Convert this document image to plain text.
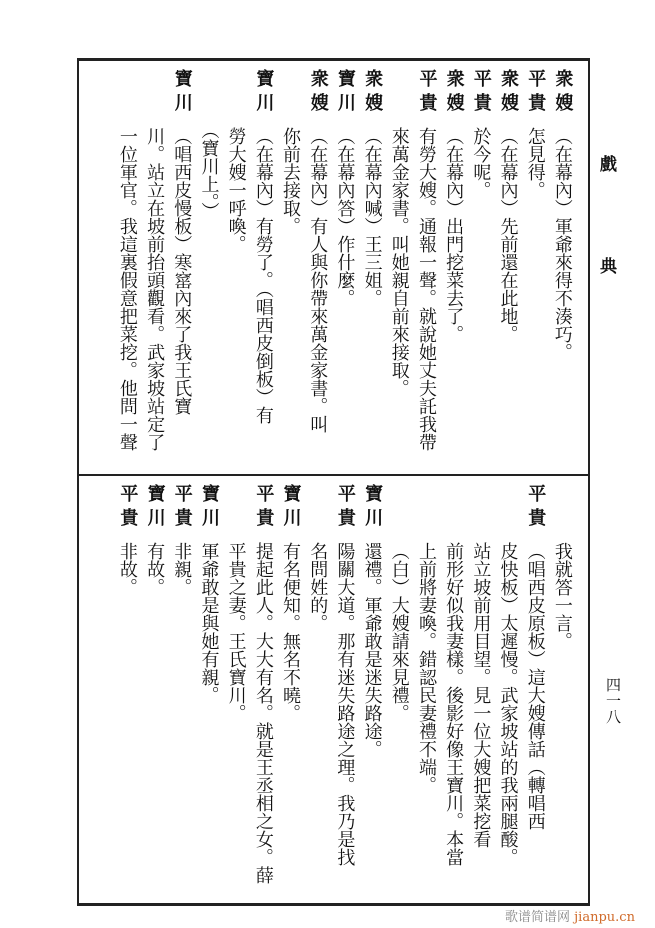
衆嫂
（在幕內）軍爺來得不湊巧。
平貴
怎見得。
衆嫂
（在幕內）先前還在此地。
平貴
於今呢。
衆嫂
（在幕內）出門挖菜去了。
平貴
有勞大嫂。通報一聲。就說她丈夫託我帶
來萬金家書。叫她親自前來接取。
衆嫂
（在幕內喊）王三姐。
寶川
（在幕內答）作什麼。
衆嫂
（在幕內）有人與你帶來萬金家書。叫
你前去接取。
寶川
（在幕內）有勞了。（唱西皮倒板）有
勞大嫂一呼喚。
（寶川上。）
寶川
（唱西皮慢板）寒窰內來了我王氏寶
川。站立在坡前抬頭觀看。武家坡站定了
一位軍官。我這裏假意把菜挖。他問一聲
我就答一言。
平貴
（唱西皮原板）這大嫂傳話（轉唱西
皮快板）太遲慢。武家坡站的我兩腿酸。
站立坡前用目望。見一位大嫂把菜挖看
前形好似我妻樣。後影好像王寶川。本當
上前將妻喚。錯認民妻禮不端。
（白）大嫂請來見禮。
寶川
還禮。軍爺敢是迷失路途。
平貴
陽關大道。那有迷失路途之理。我乃是找
名問姓的。
寶川
有名便知。無名不曉。
平貴
提起此人。大大有名。就是王丞相之女。薛
平貴之妻。王氏寶川。
寶川
軍爺敢是與她有親。
平貴
非親。
寶川
有故。
平貴
非故。
戲
典
四一八
歌谱简谱网 jianpu.cn
